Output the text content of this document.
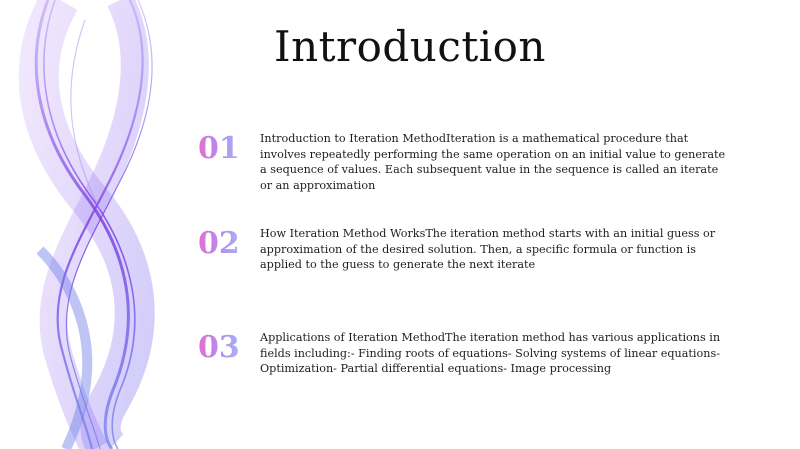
Introduction
01 Introduction to Iteration MethodIteration is a mathematical procedure that involves repeatedly performing the same operation on an initial value to generate a sequence of values. Each subsequent value in the sequence is called an iterate or an approximation

02 How Iteration Method WorksThe iteration method starts with an initial guess or approximation of the desired solution. Then, a specific formula or function is applied to the guess to generate the next iterate

03 Applications of Iteration MethodThe iteration method has various applications in fields including:- Finding roots of equations- Solving systems of linear equations- Optimization- Partial differential equations- Image processing
